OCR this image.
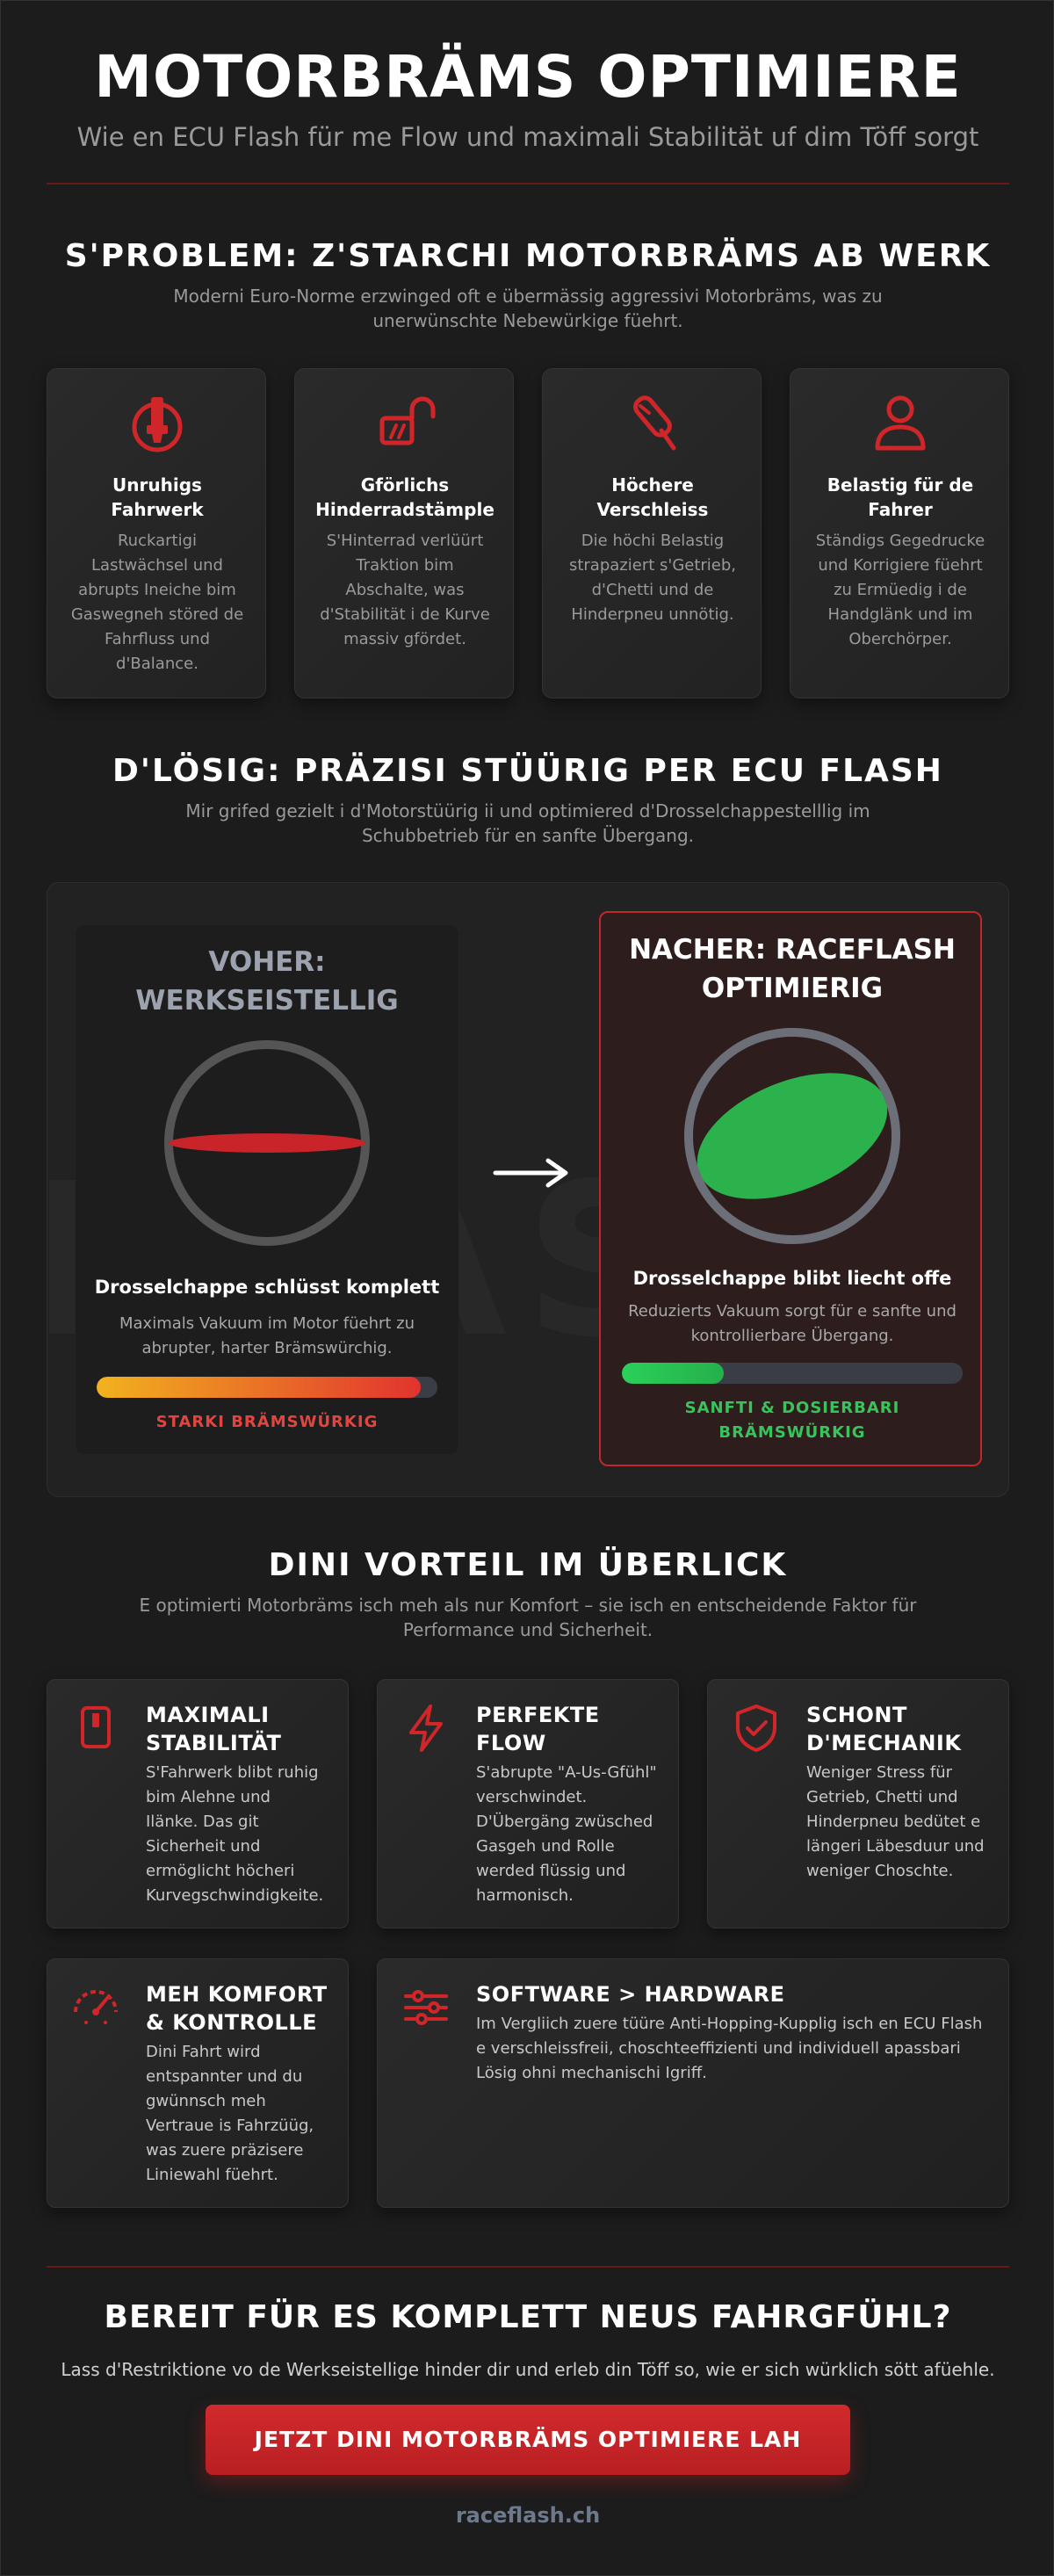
MOTORBRÄMS OPTIMIERE
Wie en ECU Flash für me Flow und maximali Stabilität uf dim Töff sorgt
S'PROBLEM: Z'STARCHI MOTORBRÄMS AB WERK
Moderni Euro-Norme erzwinged oft e übermässig aggressivi Motorbräms, was zu
unerwünschte Nebewürkige füehrt.
Unruhigs
Fahrwerk
Ruckartigi
Lastwächsel und
abrupts Ineiche bim
Gaswegneh störed de
Fahrfluss und
d'Balance.
Gförlichs
Hinderradstämple
S'Hinterrad verlüürt
Traktion bim
Abschalte, was
d'Stabilität i de Kurve
massiv gfördet.
Höchere
Verschleiss
Die höchi Belastig
strapaziert s'Getrieb,
d'Chetti und de
Hinderpneu unnötig.
Belastig für de
Fahrer
Ständigs Gegedrucke
und Korrigiere füehrt
zu Ermüedig i de
Handglänk und im
Oberchörper.
D'LÖSIG: PRÄZISI STÜÜRIG PER ECU FLASH
Mir grifed gezielt i d'Motorstüürig ii und optimiered d'Drosselchappestelllig im
Schubbetrieb für en sanfte Übergang.
VOHER:
WERKSEISTELLIG
Drosselchappe schlüsst komplett
Maximals Vakuum im Motor füehrt zu
abrupter, harter Brämswürchig.
STARKI BRÄMSWÜRKIG
NACHER: RACEFLASH
OPTIMIERIG
Drosselchappe blibt liecht offe
Reduzierts Vakuum sorgt für e sanfte und
kontrollierbare Übergang.
SANFTI & DOSIERBARI
BRÄMSWÜRKIG
DINI VORTEIL IM ÜBERLICK
E optimierti Motorbräms isch meh als nur Komfort – sie isch en entscheidende Faktor für
Performance und Sicherheit.
MAXIMALI
STABILITÄT
S'Fahrwerk blibt ruhig
bim Alehne und
Ilänke. Das git
Sicherheit und
ermöglicht höcheri
Kurvegschwindigkeite.
PERFEKTE
FLOW
S'abrupte "A-Us-Gfühl"
verschwindet.
D'Übergäng zwüsched
Gasgeh und Rolle
werded flüssig und
harmonisch.
SCHONT
D'MECHANIK
Weniger Stress für
Getrieb, Chetti und
Hinderpneu bedütet e
längeri Läbesduur und
weniger Choschte.
MEH KOMFORT
& KONTROLLE
Dini Fahrt wird
entspannter und du
gwünnsch meh
Vertraue is Fahrzüüg,
was zuere präzisere
Liniewahl füehrt.
SOFTWARE > HARDWARE
Im Vergliich zuere tüüre Anti-Hopping-Kupplig isch en ECU Flash
e verschleissfreii, choschteeffizienti und individuell apassbari
Lösig ohni mechanischi Igriff.
BEREIT FÜR ES KOMPLETT NEUS FAHRGFÜHL?
Lass d'Restriktione vo de Werkseistellige hinder dir und erleb din Töff so, wie er sich würklich sött afüehle.
JETZT DINI MOTORBRÄMS OPTIMIERE LAH
raceflash.ch
